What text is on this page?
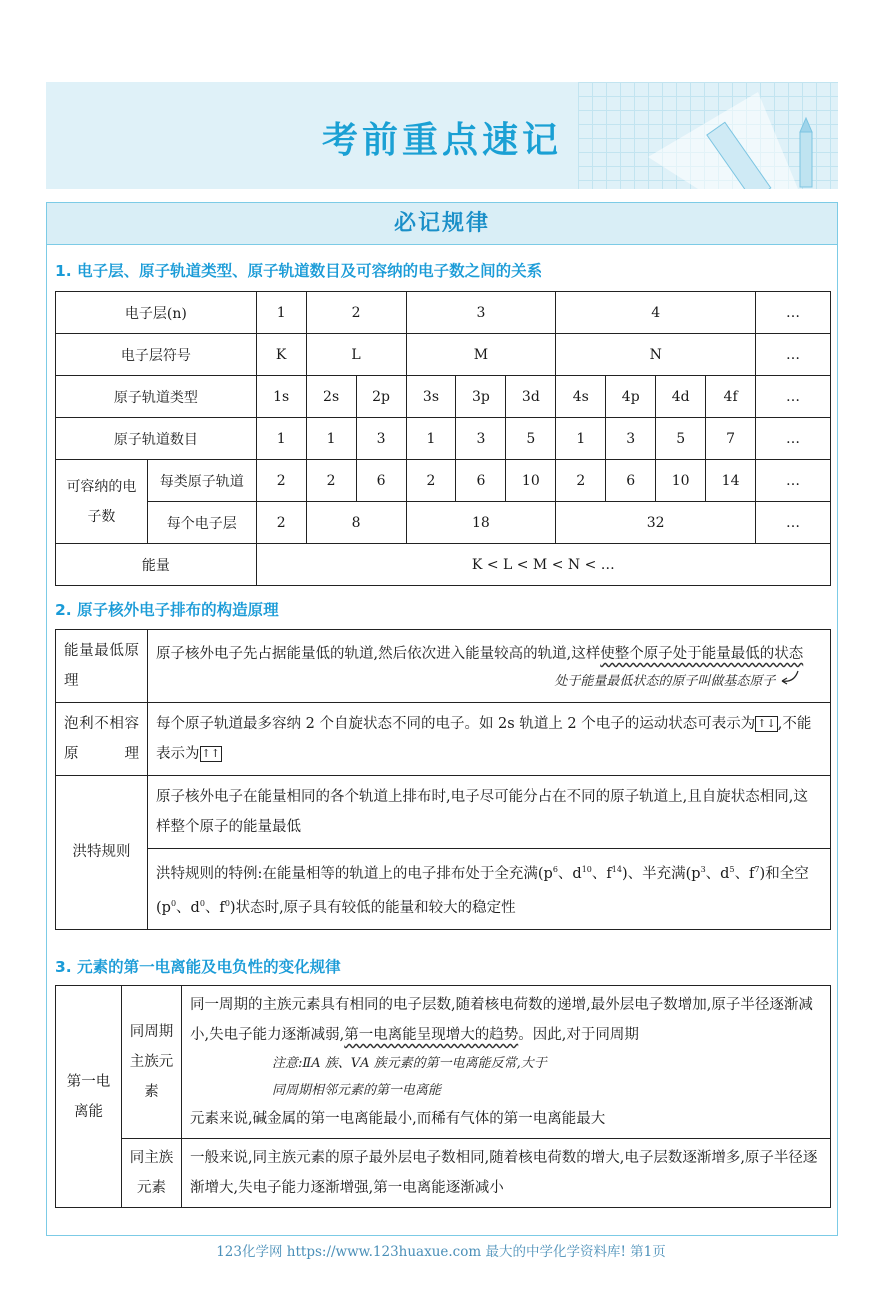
考前重点速记
必记规律
1. 电子层、原子轨道类型、原子轨道数目及可容纳的电子数之间的关系
电子层(n)		1	2		3			4				…
电子层符号		K	L		M			N				…
原子轨道类型		1s	2s	2p	3s	3p	3d	4s	4p	4d	4f	…
原子轨道数目		1	1	3	1	3	5	1	3	5	7	…
可容纳的电子数	每类原子轨道	2	2	6	2	6	10	2	6	10	14	…
	每个电子层	2	8		18			32				…
能量		K < L < M < N < …										
2. 原子核外电子排布的构造原理
能量最低原理	原子核外电子先占据能量低的轨道,然后依次进入能量较高的轨道,这样使整个原子处于能量最低的状态
处于能量最低状态的原子叫做基态原子

泡利不相容原理	每个原子轨道最多容纳 2 个自旋状态不同的电子。如 2s 轨道上 2 个电子的运动状态可表示为 ↑↓ ,不能表示为 ↑↑
洪特规则	原子核外电子在能量相同的各个轨道上排布时,电子尽可能分占在不同的原子轨道上,且自旋状态相同,这样整个原子的能量最低
	洪特规则的特例:在能量相等的轨道上的电子排布处于全充满($p^6$、$d^{10}$、$f^{14}$)、半充满($p^3$、$d^5$、$f^7$)和全空($p^0$、$d^0$、$f^0$)状态时,原子具有较低的能量和较大的稳定性
3. 元素的第一电离能及电负性的变化规律
第一电离能	同周期主族元素	同一周期的主族元素具有相同的电子层数,随着核电荷数的递增,最外层电子数增加,原子半径逐渐减小,失电子能力逐渐减弱,第一电离能呈现增大的趋势。因此,对于同周期
注意:ⅡA 族、ⅤA 族元素的第一电离能反常,大于同周期相邻元素的第一电离能
元素来说,碱金属的第一电离能最小,而稀有气体的第一电离能最大
	同主族元素	一般来说,同主族元素的原子最外层电子数相同,随着核电荷数的增大,电子层数逐渐增多,原子半径逐渐增大,失电子能力逐渐增强,第一电离能逐渐减小
123化学网 https://www.123huaxue.com 最大的中学化学资料库! 第1页
